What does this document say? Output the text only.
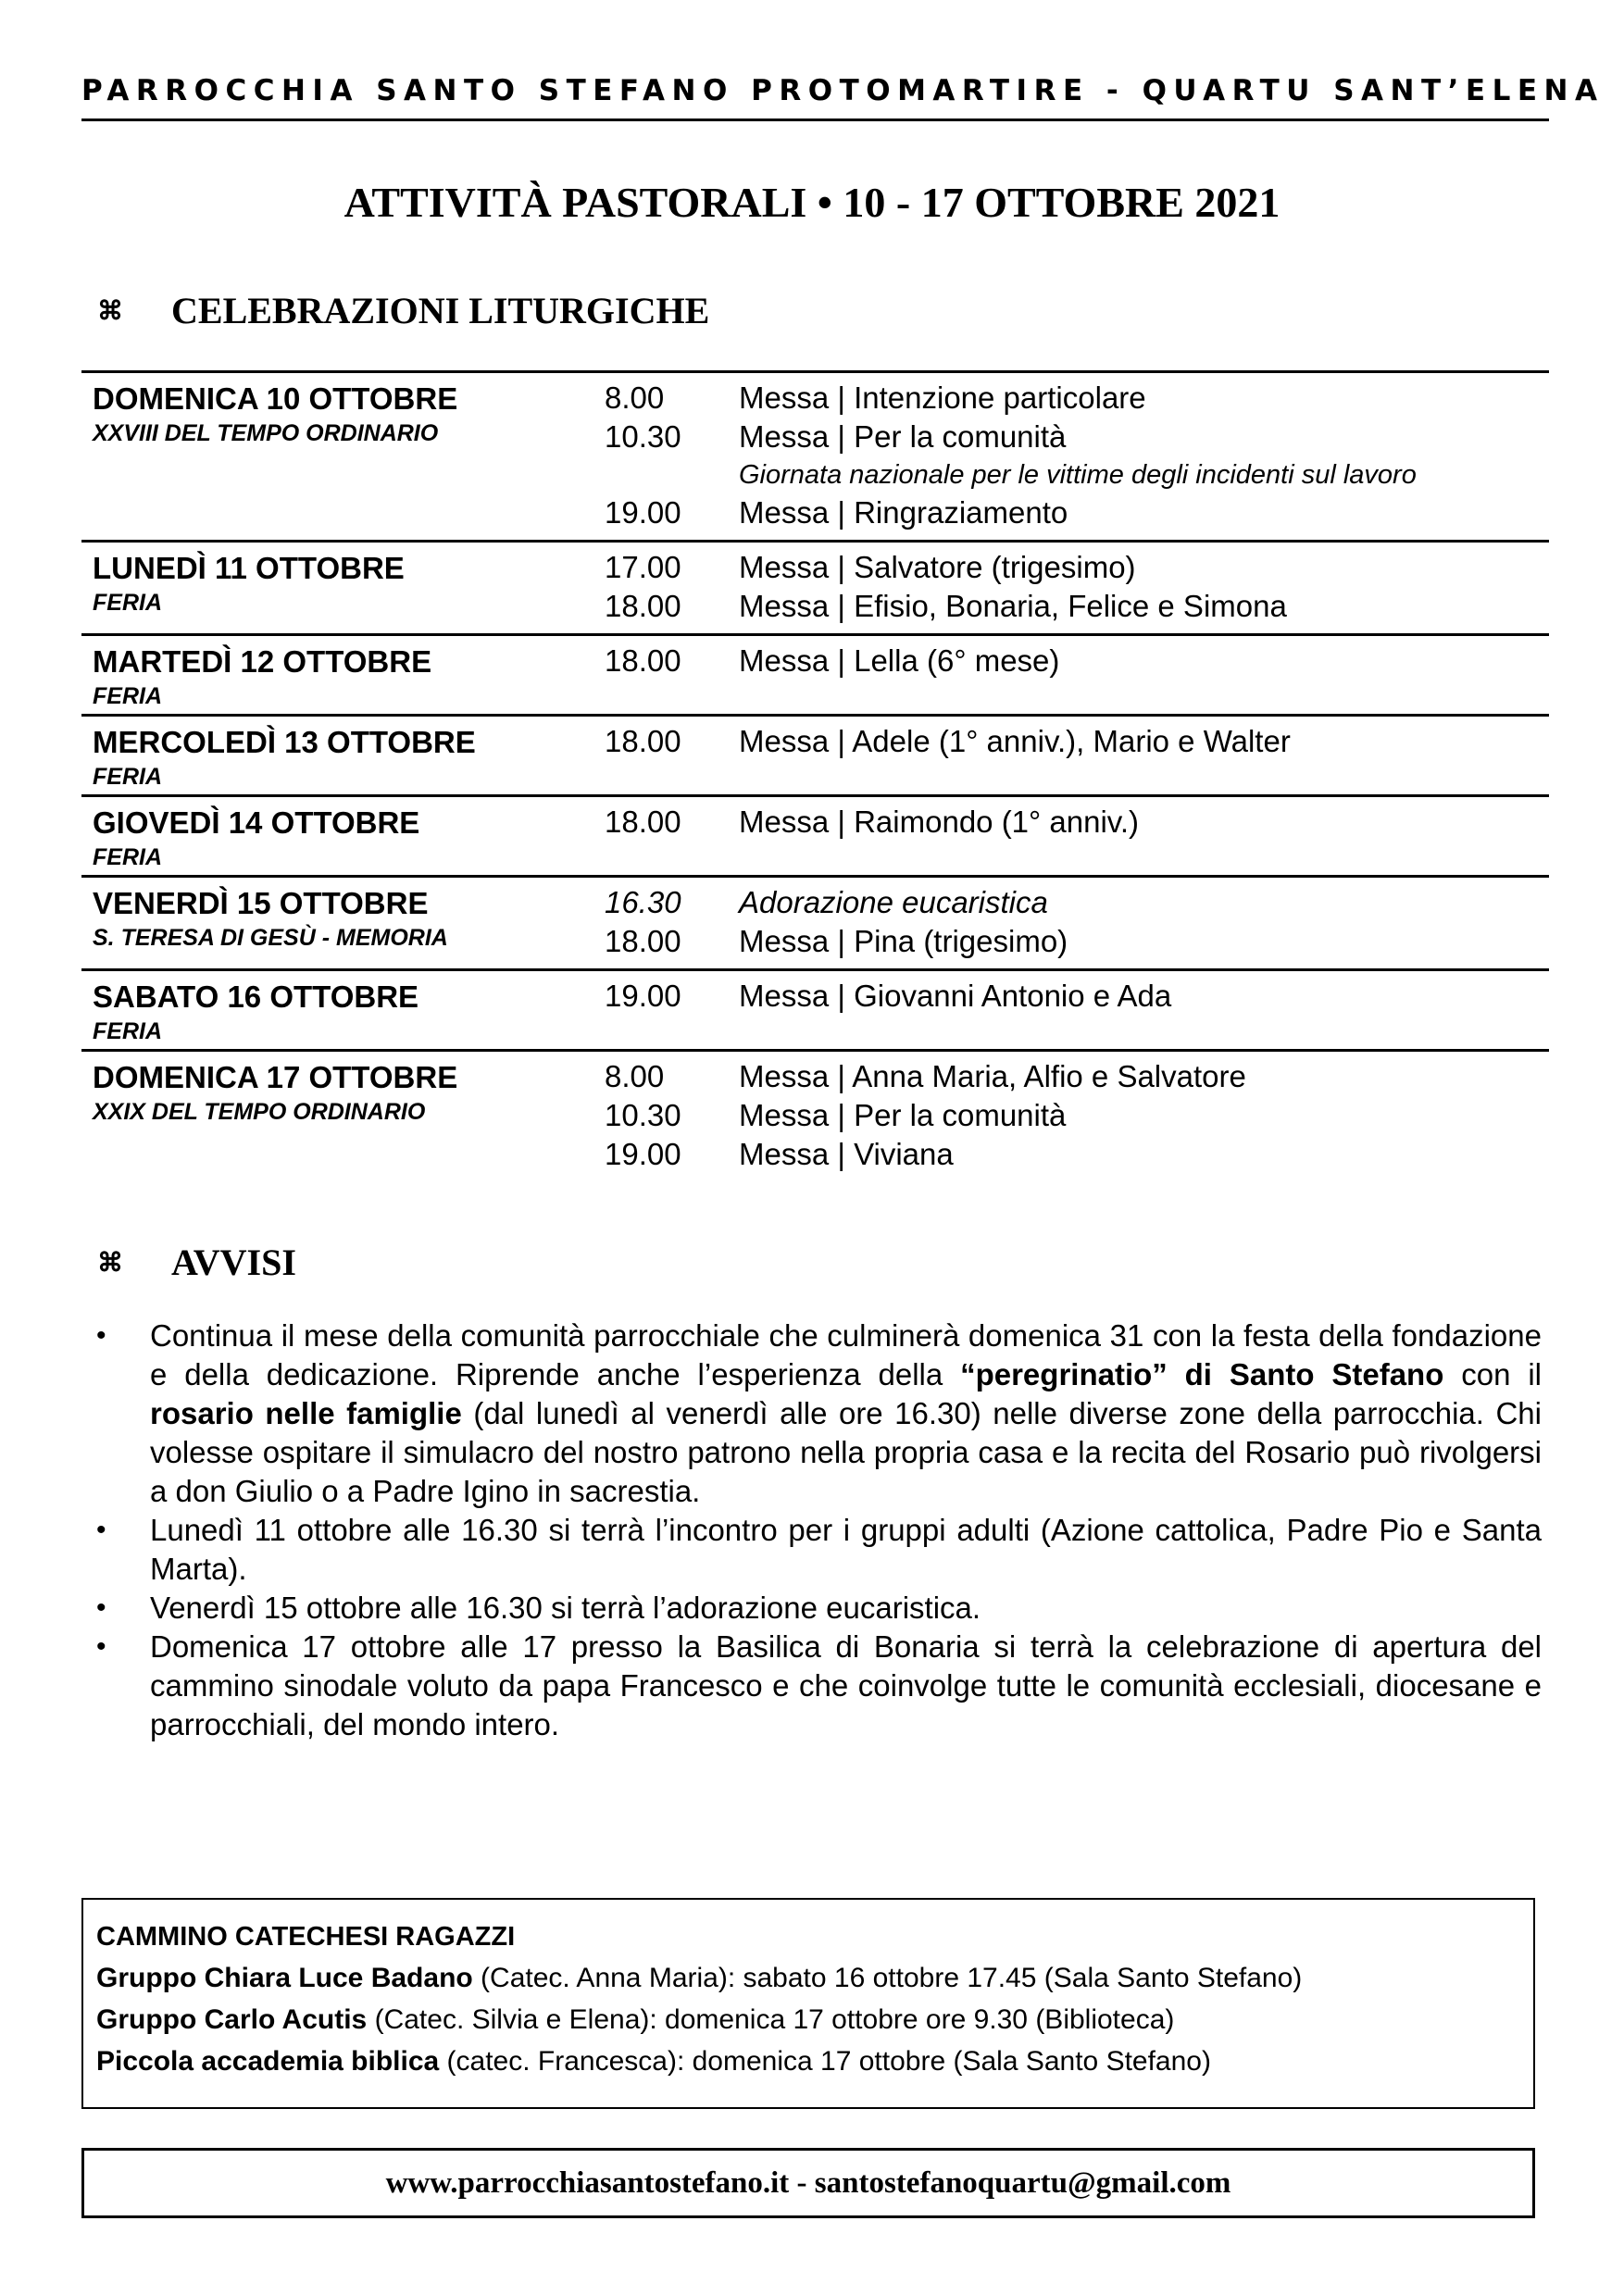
PARROCCHIA SANTO STEFANO PROTOMARTIRE - QUARTU SANT’ELENA
ATTIVITÀ PASTORALI • 10 - 17 OTTOBRE 2021
⌘	CELEBRAZIONI LITURGICHE
DOMENICA 10 OTTOBRE
XXVIII DEL TEMPO ORDINARIO
8.00	Messa | Intenzione particolare
10.30	Messa | Per la comunità
Giornata nazionale per le vittime degli incidenti sul lavoro
19.00	Messa | Ringraziamento
LUNEDÌ 11 OTTOBRE
FERIA
17.00	Messa | Salvatore (trigesimo)
18.00	Messa | Efisio, Bonaria, Felice e Simona
MARTEDÌ 12 OTTOBRE
FERIA
18.00	Messa | Lella (6° mese)

MERCOLEDÌ 13 OTTOBRE
FERIA
18.00	Messa | Adele (1° anniv.), Mario e Walter

GIOVEDÌ 14 OTTOBRE
FERIA
18.00	Messa | Raimondo (1° anniv.)

VENERDÌ 15 OTTOBRE
S. TERESA DI GESÙ - MEMORIA
16.30	Adorazione eucaristica
18.00	Messa | Pina (trigesimo)
SABATO 16 OTTOBRE
FERIA
19.00	Messa | Giovanni Antonio e Ada

DOMENICA 17 OTTOBRE
XXIX DEL TEMPO ORDINARIO
8.00	Messa | Anna Maria, Alfio e Salvatore
10.30	Messa | Per la comunità
19.00	Messa | Viviana
⌘	AVVISI
• Continua il mese della comunità parrocchiale che culminerà domenica 31 con la festa della fondazione e della dedicazione. Riprende anche l’esperienza della “peregrinatio” di Santo Stefano con il rosario nelle famiglie (dal lunedì al venerdì alle ore 16.30) nelle diverse zone della parrocchia. Chi volesse ospitare il simulacro del nostro patrono nella propria casa e la recita del Rosario può rivolgersi a don Giulio o a Padre Igino in sacrestia.
• Lunedì 11 ottobre alle 16.30 si terrà l’incontro per i gruppi adulti (Azione cattolica, Padre Pio e Santa Marta).
• Venerdì 15 ottobre alle 16.30 si terrà l’adorazione eucaristica.
• Domenica 17 ottobre alle 17 presso la Basilica di Bonaria si terrà la celebrazione di apertura del cammino sinodale voluto da papa Francesco e che coinvolge tutte le comunità ecclesiali, diocesane e parrocchiali, del mondo intero.
CAMMINO CATECHESI RAGAZZI
Gruppo Chiara Luce Badano (Catec. Anna Maria): sabato 16 ottobre 17.45 (Sala Santo Stefano)
Gruppo Carlo Acutis (Catec. Silvia e Elena): domenica 17 ottobre ore 9.30 (Biblioteca)
Piccola accademia biblica (catec. Francesca): domenica 17 ottobre (Sala Santo Stefano)
www.parrocchiasantostefano.it - santostefanoquartu@gmail.com
